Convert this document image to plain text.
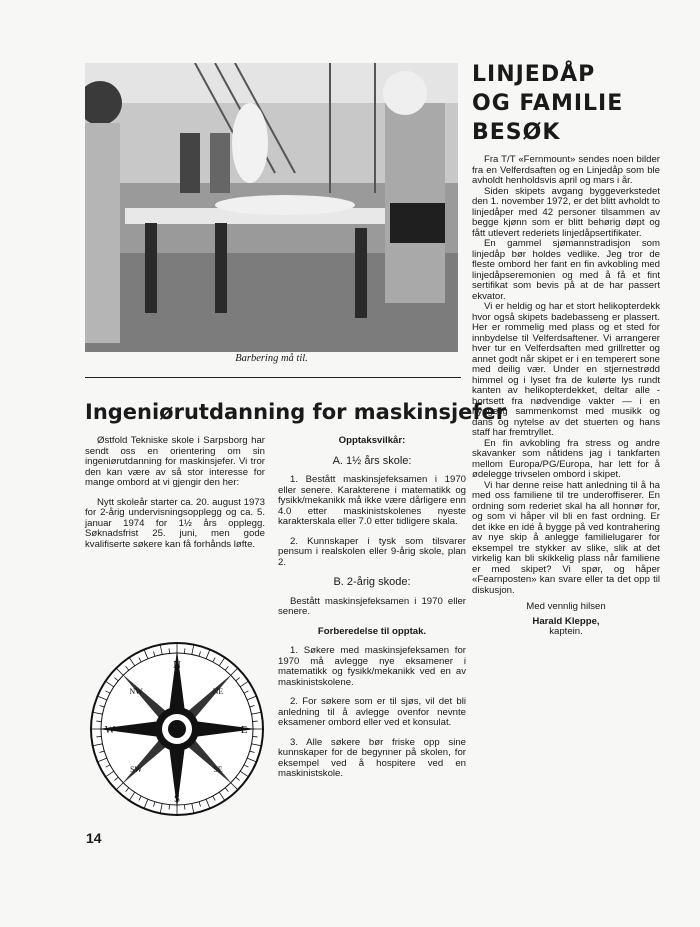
Barbering må til.
LINJEDÅP
OG FAMILIE
BESØK

Fra T/T «Fernmount» sendes noen bilder fra en Velferdsaften og en Linjedåp som ble avholdt henholdsvis april og mars i år.

Siden skipets avgang byggeverkstedet den 1. november 1972, er det blitt avholdt to linjedåper med 42 personer tilsammen av begge kjønn som er blitt behørig døpt og fått utlevert rederiets linjedåpsertifikater.

En gammel sjømannstradisjon som linjedåp bør holdes vedlike. Jeg tror de fleste ombord her fant en fin avkobling med linjedåpseremonien og med å få et fint sertifikat som bevis på at de har passert ekvator.

Vi er heldig og har et stort helikopterdekk hvor også skipets badebasseng er plassert. Her er rommelig med plass og et sted for innbydelse til Velferdsaftener. Vi arrangerer hver tur en Velferdsaften med grillretter og annet godt når skipet er i en temperert sone med deilig vær. Under en stjernestrødd himmel og i lyset fra de kulørte lys rundt kanten av helikopterdekket, deltar alle - bortsett fra nødvendige vakter — i en hyggelig sammenkomst med musikk og dans og nytelse av det stuerten og hans staff har fremtryllet.

En fin avkobling fra stress og andre skavanker som nåtidens jag i tankfarten mellom Europa/PG/Europa, har lett for å ødelegge trivselen ombord i skipet.

Vi har denne reise hatt anledning til å ha med oss familiene til tre underoffiserer. En ordning som rederiet skal ha all honnør for, og som vi håper vil bli en fast ordning. Er det ikke en idé å bygge på ved kontrahering av nye skip å anlegge familielugarer for eksempel tre stykker av slike, slik at det virkelig kan bli skikkelig plass når familiene er med skipet? Vi spør, og håper «Fearnposten» kan svare eller ta det opp til diskusjon.

Med vennlig hilsen

Harald Kleppe,

kaptein.

Ingeniørutdanning for maskinsjefer

Østfold Tekniske skole i Sarpsborg har sendt oss en orientering om sin ingeniørutdanning for maskinsjefer. Vi tror den kan være av så stor interesse for mange ombord at vi gjengir den her:

Nytt skoleår starter ca. 20. august 1973 for 2-årig undervisningsopplegg og ca. 5. januar 1974 for 1½ års opplegg. Søknadsfrist 25. juni, men gode kvalifiserte søkere kan få forhånds løfte.

Opptaksvilkår:

A. 1½ års skole:

1. Bestått maskinsjefeksamen i 1970 eller senere. Karakterene i matematikk og fysikk/mekanikk må ikke være dårligere enn 4.0 etter maskinistskolenes nyeste karakterskala eller 7.0 etter tidligere skala.

2. Kunnskaper i tysk som tilsvarer pensum i realskolen eller 9-årig skole, plan 2.

B. 2-årig skode:

Bestått maskinsjefeksamen i 1970 eller senere.

Forberedelse til opptak.

1. Søkere med maskinsjefeksamen for 1970 må avlegge nye eksamener i matematikk og fysikk/mekanikk ved en av maskinistskolene.

2. For søkere som er til sjøs, vil det bli anledning til å avlegge ovenfor nevnte eksamener ombord eller ved et konsulat.

3. Alle søkere bør friske opp sine kunnskaper for de begynner på skolen, for eksempel ved å hospitere ved en maskinistskole.

N
NE
E
SE
S
SW
W
NW
14
